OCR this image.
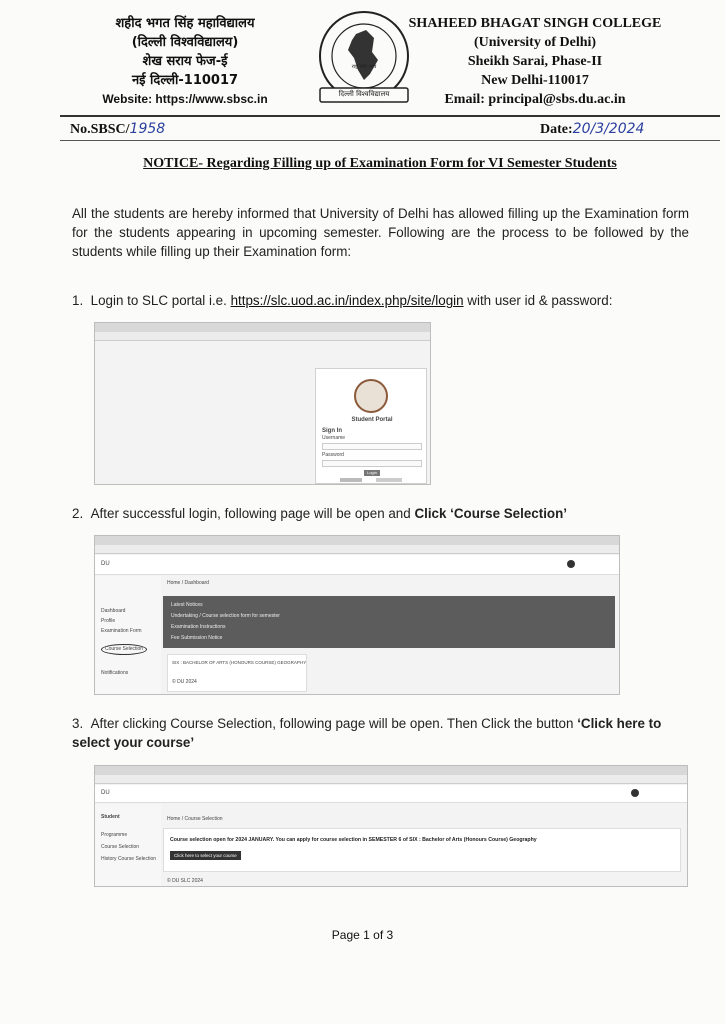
शहीद भगत सिंह महाविद्यालय
(दिल्ली विश्वविद्यालय)
शेख सराय फेज-ई
नई दिल्ली-110017
Website: https://www.sbsc.in
राष्ट्र सेवा भाव
दिल्ली विश्वविद्यालय
SHAHEED BHAGAT SINGH COLLEGE
(University of Delhi)
Sheikh Sarai, Phase-II
New Delhi-110017
Email: principal@sbs.du.ac.in
No.SBSC/1958	Date:20/3/2024
NOTICE- Regarding Filling up of Examination Form for VI Semester Students
All the students are hereby informed that University of Delhi has allowed filling up the Examination form for the students appearing in upcoming semester. Following are the process to be followed by the students while filling up their Examination form:
1. Login to SLC portal i.e. https://slc.uod.ac.in/index.php/site/login with user id & password:
Student Portal
Sign In
Username
Password
Login
2. After successful login, following page will be open and Click ‘Course Selection’
DU
Dashboard
Profile
Examination Form
Course Selection
Notifications
Home / Dashboard
Latest Notices
Undertaking / Course selection form for semester
Examination Instructions
Fee Submission Notice
SIX : BACHELOR OF ARTS (HONOURS COURSE) GEOGRAPHY
© DU 2024
3. After clicking Course Selection, following page will be open. Then Click the button ‘Click here to select your course’
DU
Student
Programme
Course Selection
History Course Selection
Home / Course Selection
Course selection open for 2024 JANUARY. You can apply for course selection in SEMESTER 6 of SIX : Bachelor of Arts (Honours Course) Geography
Click here to select your course
© DU SLC 2024
Page 1 of 3
